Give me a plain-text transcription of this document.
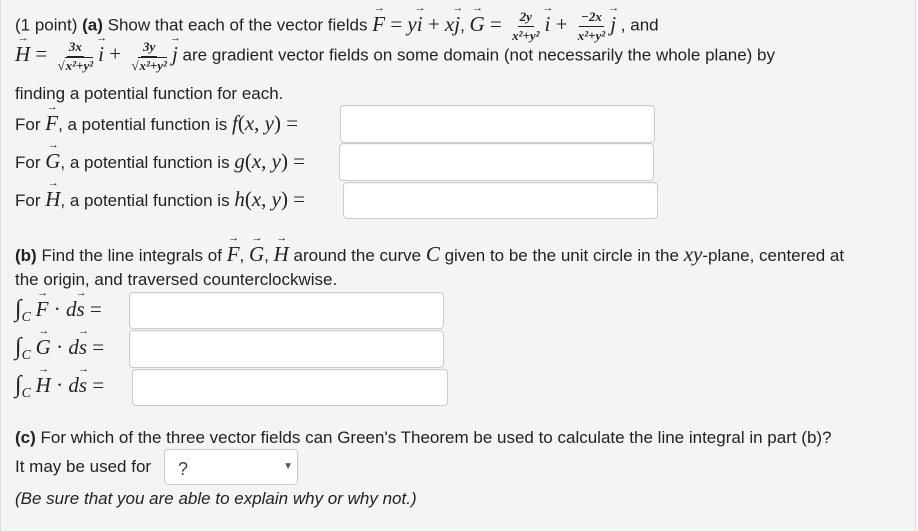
(1 point) (a) Show that each of the vector fields → F = y→ i + x→ j, → $G = \frac{2y}{\text{x²+y²}} \to i + \frac{-2x}{\text{x²+y²}} \to j$ , and
→ $H = \frac{3x}{\text{√x²+y²}} \to i + \frac{3y}{\text{√x²+y²}} \to j$ are gradient vector fields on some domain (not necessarily the whole plane) by
finding a potential function for each.
For → F, a potential function is f(x, y) =
For → G, a potential function is g(x, y) =
For → H, a potential function is h(x, y) =
(b) Find the line integrals of → F, → G, → H around the curve C given to be the unit circle in the xy-plane, centered at
the origin, and traversed counterclockwise.
$\int_C \to F \cdot d\to s$ =
$\int_C \to G \cdot d\to s$ =
$\int_C \to H \cdot d\to s$ =
(c) For which of the three vector fields can Green's Theorem be used to calculate the line integral in part (b)?
It may be used for ?	▼
(Be sure that you are able to explain why or why not.)
